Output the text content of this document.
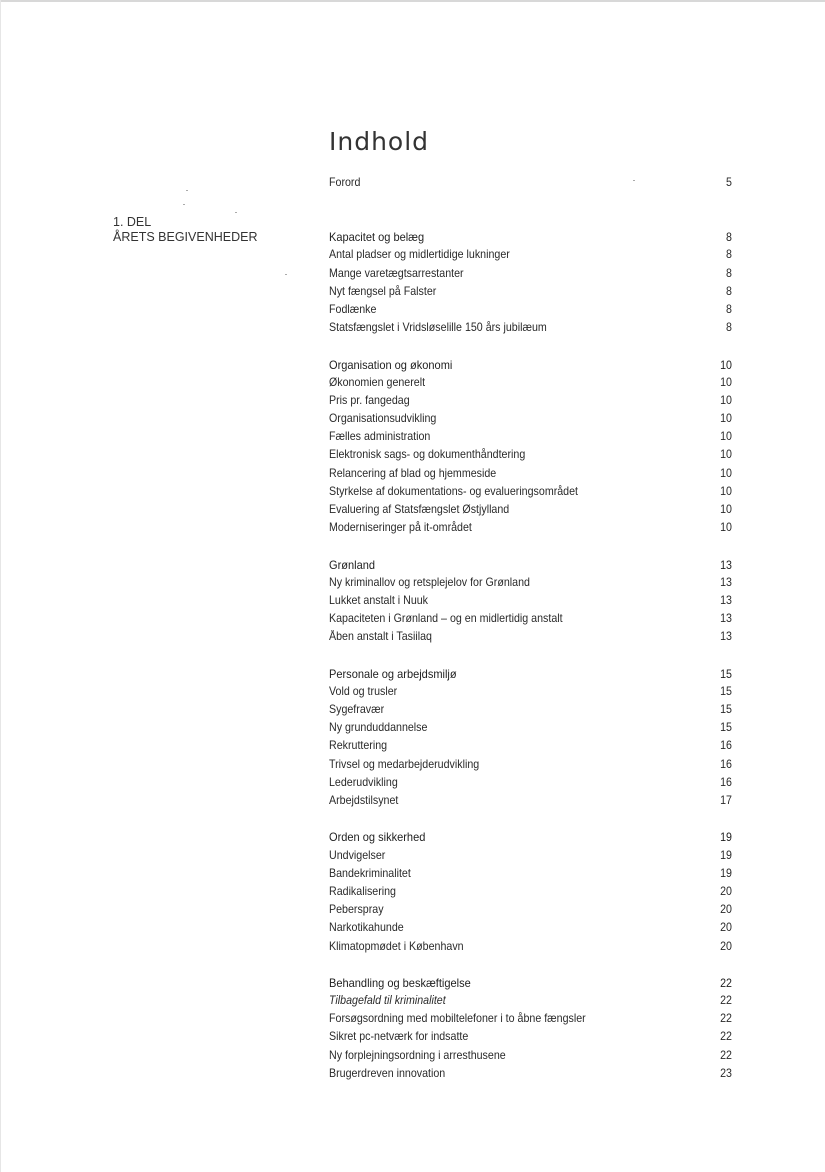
Indhold
1. DEL
ÅRETS BEGIVENHEDER
Forord	5
Kapacitet og belæg	8
Antal pladser og midlertidige lukninger	8
Mange varetægtsarrestanter	8
Nyt fængsel på Falster	8
Fodlænke	8
Statsfængslet i Vridsløselille 150 års jubilæum	8
Organisation og økonomi	10
Økonomien generelt	10
Pris pr. fangedag	10
Organisationsudvikling	10
Fælles administration	10
Elektronisk sags- og dokumenthåndtering	10
Relancering af blad og hjemmeside	10
Styrkelse af dokumentations- og evalueringsområdet	10
Evaluering af Statsfængslet Østjylland	10
Moderniseringer på it-området	10
Grønland	13
Ny kriminallov og retsplejelov for Grønland	13
Lukket anstalt i Nuuk	13
Kapaciteten i Grønland – og en midlertidig anstalt	13
Åben anstalt i Tasiilaq	13
Personale og arbejdsmiljø	15
Vold og trusler	15
Sygefravær	15
Ny grunduddannelse	15
Rekruttering	16
Trivsel og medarbejderudvikling	16
Lederudvikling	16
Arbejdstilsynet	17
Orden og sikkerhed	19
Undvigelser	19
Bandekriminalitet	19
Radikalisering	20
Peberspray	20
Narkotikahunde	20
Klimatopmødet i København	20
Behandling og beskæftigelse	22
Tilbagefald til kriminalitet	22
Forsøgsordning med mobiltelefoner i to åbne fængsler	22
Sikret pc-netværk for indsatte	22
Ny forplejningsordning i arresthusene	22
Brugerdreven innovation	23
